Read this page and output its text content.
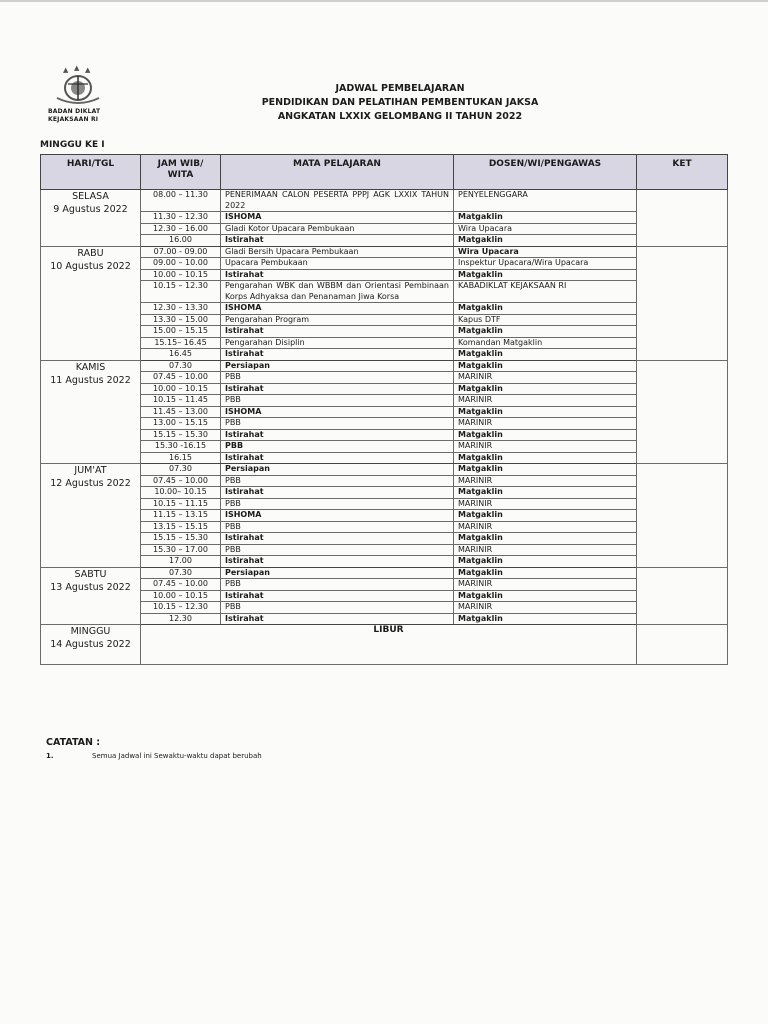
▲ ▲ ▲
BADAN DIKLAT
KEJAKSAAN RI
JADWAL PEMBELAJARAN
PENDIDIKAN DAN PELATIHAN PEMBENTUKAN JAKSA
ANGKATAN LXXIX GELOMBANG II TAHUN 2022
MINGGU KE I
HARI/TGL	JAM WIB/ WITA	MATA PELAJARAN	DOSEN/WI/PENGAWAS	KET

SELASA
9 Agustus 2022	08.00 – 11.30	PENERIMAAN CALON PESERTA PPPJ AGK LXXIX TAHUN 2022	PENYELENGGARA	
	11.30 – 12.30	ISHOMA	Matgaklin	
	12.30 – 16.00	Gladi Kotor Upacara Pembukaan	Wira Upacara	
	16.00	Istirahat	Matgaklin	

RABU
10 Agustus 2022	07.00 - 09.00	Gladi Bersih Upacara Pembukaan	Wira Upacara	
	09.00 – 10.00	Upacara Pembukaan	Inspektur Upacara/Wira Upacara	
	10.00 – 10.15	Istirahat	Matgaklin	
	10.15 – 12.30	Pengarahan WBK dan WBBM dan Orientasi Pembinaan Korps Adhyaksa dan Penanaman Jiwa Korsa	KABADIKLAT KEJAKSAAN RI	
	12.30 – 13.30	ISHOMA	Matgaklin	
	13.30 – 15.00	Pengarahan Program	Kapus DTF	
	15.00 – 15.15	Istirahat	Matgaklin	
	15.15– 16.45	Pengarahan Disiplin	Komandan Matgaklin	
	16.45	Istirahat	Matgaklin	

KAMIS
11 Agustus 2022	07.30	Persiapan	Matgaklin	
	07.45 – 10.00	PBB	MARINIR	
	10.00 – 10.15	Istirahat	Matgaklin	
	10.15 – 11.45	PBB	MARINIR	
	11.45 – 13.00	ISHOMA	Matgaklin	
	13.00 – 15.15	PBB	MARINIR	
	15.15 – 15.30	Istirahat	Matgaklin	
	15.30 -16.15	PBB	MARINIR	
	16.15	Istirahat	Matgaklin	

JUM'AT
12 Agustus 2022	07.30	Persiapan	Matgaklin	
	07.45 – 10.00	PBB	MARINIR	
	10.00– 10.15	Istirahat	Matgaklin	
	10.15 – 11.15	PBB	MARINIR	
	11.15 – 13.15	ISHOMA	Matgaklin	
	13.15 – 15.15	PBB	MARINIR	
	15.15 – 15.30	Istirahat	Matgaklin	
	15.30 – 17.00	PBB	MARINIR	
	17.00	Istirahat	Matgaklin	

SABTU
13 Agustus 2022	07.30	Persiapan	Matgaklin	
	07.45 – 10.00	PBB	MARINIR	
	10.00 – 10.15	Istirahat	Matgaklin	
	10.15 – 12.30	PBB	MARINIR	
	12.30	Istirahat	Matgaklin	

MINGGU
14 Agustus 2022	LIBUR			
CATATAN :
1.	Semua Jadwal ini Sewaktu-waktu dapat berubah
